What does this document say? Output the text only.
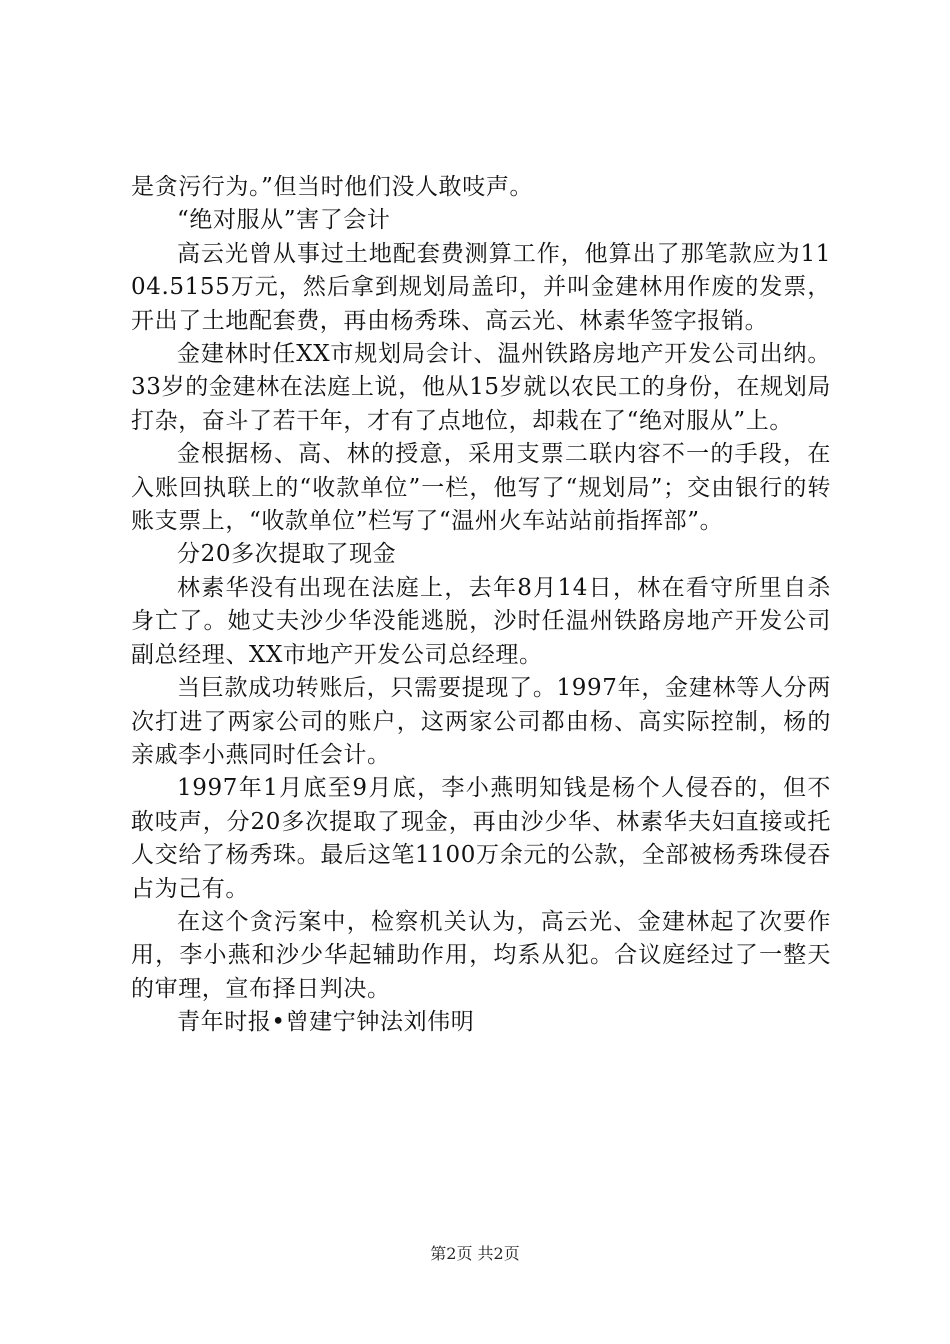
是贪污行为。”但当时他们没人敢吱声。

“绝对服从”害了会计

高云光曾从事过土地配套费测算工作，他算出了那笔款应为1104.5155万元，然后拿到规划局盖印，并叫金建林用作废的发票，开出了土地配套费，再由杨秀珠、高云光、林素华签字报销。

金建林时任XX市规划局会计、温州铁路房地产开发公司出纳。33岁的金建林在法庭上说，他从15岁就以农民工的身份，在规划局打杂，奋斗了若干年，才有了点地位，却栽在了“绝对服从”上。

金根据杨、高、林的授意，采用支票二联内容不一的手段，在入账回执联上的“收款单位”一栏，他写了“规划局”；交由银行的转账支票上，“收款单位”栏写了“温州火车站站前指挥部”。

分20多次提取了现金

林素华没有出现在法庭上，去年8月14日，林在看守所里自杀身亡了。她丈夫沙少华没能逃脱，沙时任温州铁路房地产开发公司副总经理、XX市地产开发公司总经理。

当巨款成功转账后，只需要提现了。1997年，金建林等人分两次打进了两家公司的账户，这两家公司都由杨、高实际控制，杨的亲戚李小燕同时任会计。

1997年1月底至9月底，李小燕明知钱是杨个人侵吞的，但不敢吱声，分20多次提取了现金，再由沙少华、林素华夫妇直接或托人交给了杨秀珠。最后这笔1100万余元的公款，全部被杨秀珠侵吞占为己有。

在这个贪污案中，检察机关认为，高云光、金建林起了次要作用，李小燕和沙少华起辅助作用，均系从犯。合议庭经过了一整天的审理，宣布择日判决。

青年时报•曾建宁钟法刘伟明

第2页 共2页
